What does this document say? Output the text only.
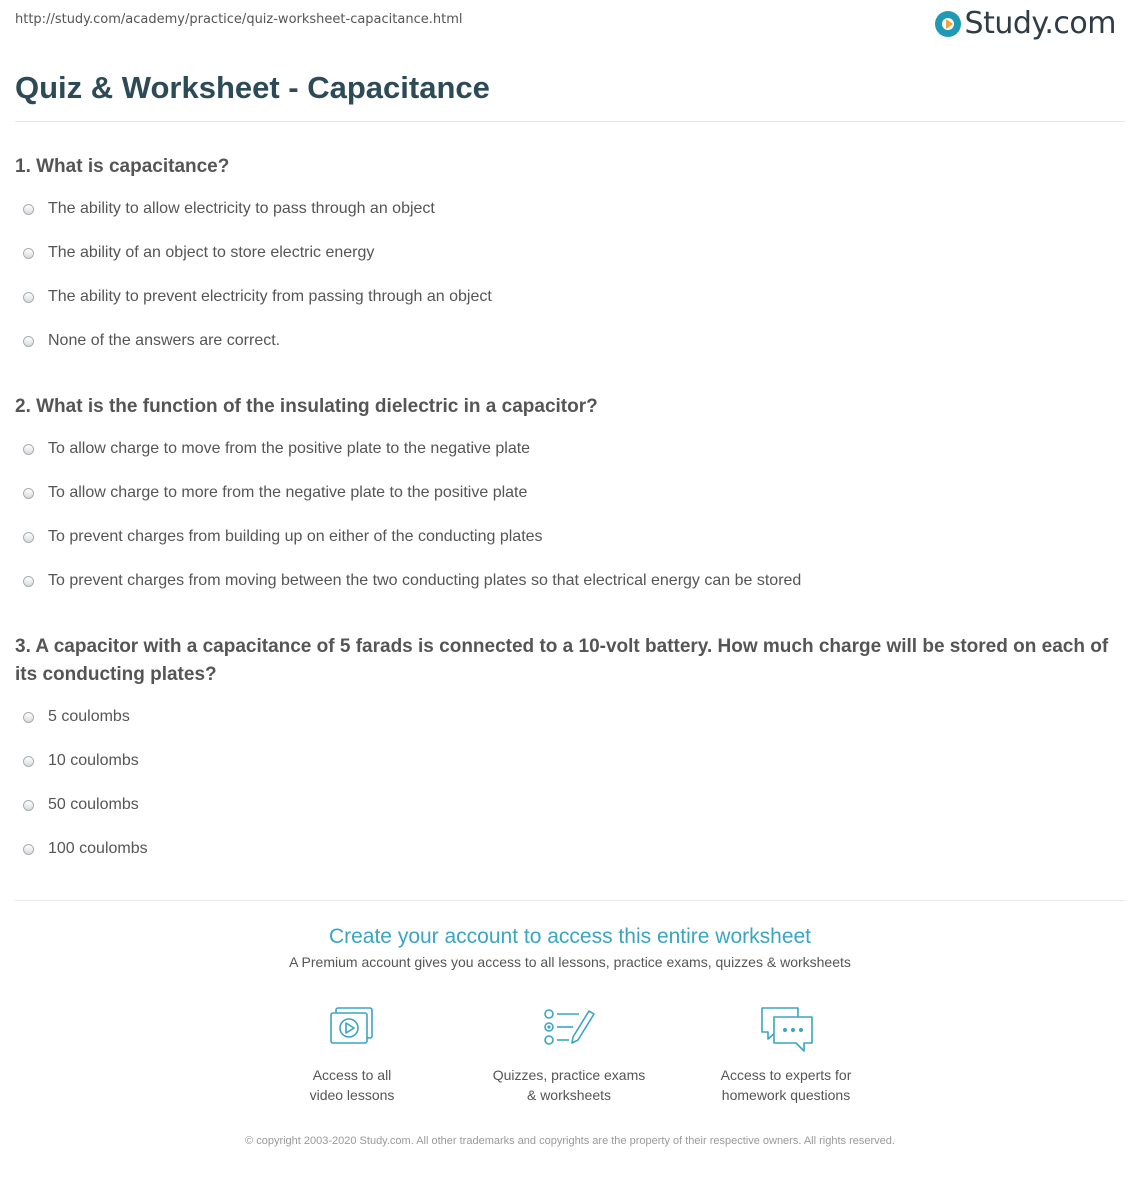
http://study.com/academy/practice/quiz-worksheet-capacitance.html	Study.com
Quiz & Worksheet - Capacitance

1. What is capacitance?

The ability to allow electricity to pass through an object
The ability of an object to store electric energy
The ability to prevent electricity from passing through an object
None of the answers are correct.

2. What is the function of the insulating dielectric in a capacitor?

To allow charge to move from the positive plate to the negative plate
To allow charge to more from the negative plate to the positive plate
To prevent charges from building up on either of the conducting plates
To prevent charges from moving between the two conducting plates so that electrical energy can be stored

3. A capacitor with a capacitance of 5 farads is connected to a 10-volt battery. How much charge will be stored on each of its conducting plates?

5 coulombs
10 coulombs
50 coulombs
100 coulombs

Create your account to access this entire worksheet

A Premium account gives you access to all lessons, practice exams, quizzes & worksheets
Access to all
video lessons
Quizzes, practice exams
& worksheets
Access to experts for
homework questions
© copyright 2003-2020 Study.com. All other trademarks and copyrights are the property of their respective owners. All rights reserved.
